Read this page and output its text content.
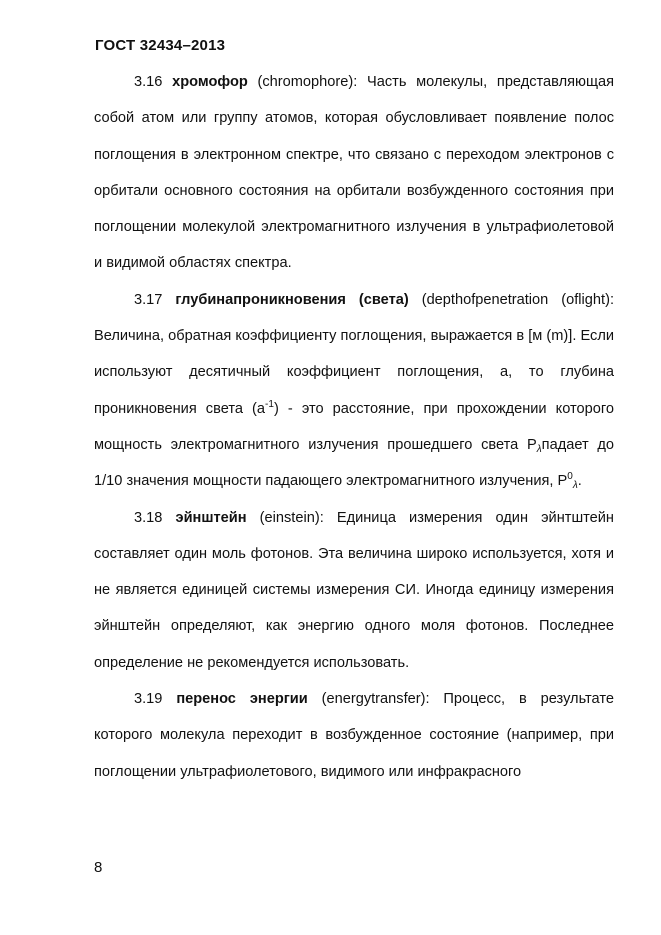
ГОСТ 32434–2013

3.16 хромофор (chromophore): Часть молекулы, представляющая собой атом или группу атомов, которая обусловливает появление полос поглощения в электронном спектре, что связано с переходом электронов с орбитали основного состояния на орбитали возбужденного состояния при поглощении молекулой электромагнитного излучения в ультрафиолетовой и видимой областях спектра.

3.17 глубинапроникновения (света) (depthofpenetration (oflight): Величина, обратная коэффициенту поглощения, выражается в [м (m)]. Если используют десятичный коэффициент поглощения, a, то глубина проникновения света $(a^{-1})$ - это расстояние, при прохождении которого мощность электромагнитного излучения прошедшего света $P_\lambda падает$ до 1/10 значения мощности падающего электромагнитного излучения, $P^0_\lambda$.

3.18 эйнштейн (einstein): Единица измерения один эйнтштейн составляет один моль фотонов. Эта величина широко используется, хотя и не является единицей системы измерения СИ. Иногда единицу измерения эйнштейн определяют, как энергию одного моля фотонов. Последнее определение не рекомендуется использовать.

3.19 перенос энергии (energytransfer): Процесс, в результате которого молекула переходит в возбужденное состояние (например, при поглощении ультрафиолетового, видимого или инфракрасного

8
